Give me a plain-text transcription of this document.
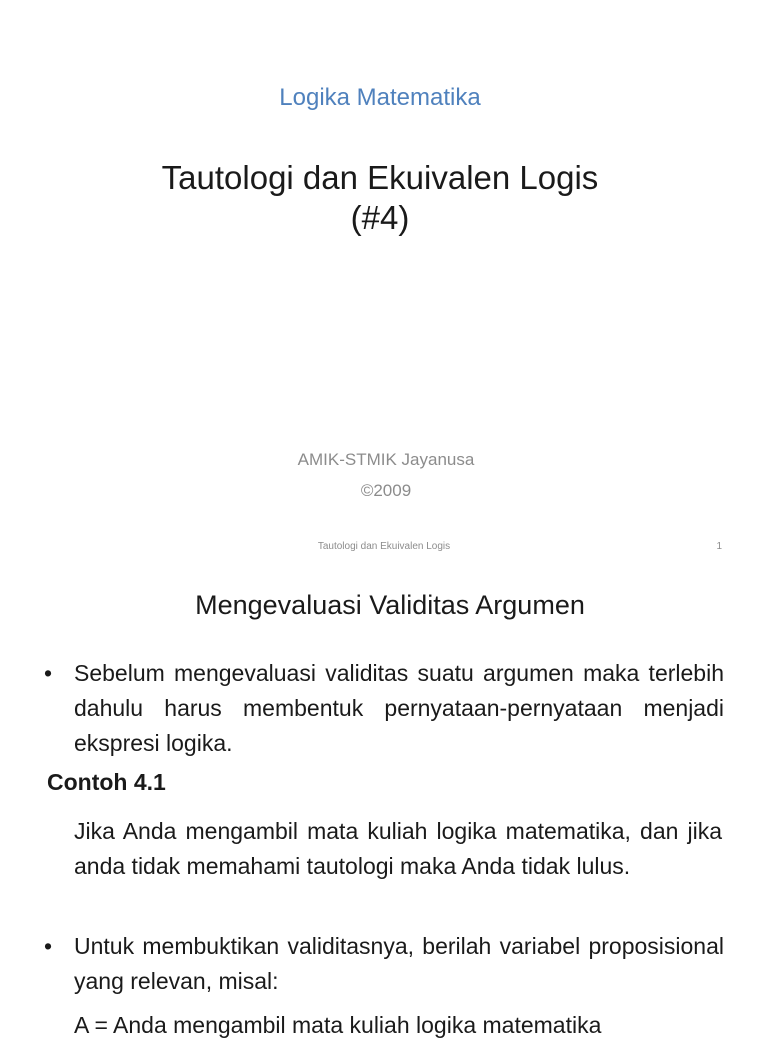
Logika Matematika
Tautologi dan Ekuivalen Logis
(#4)
AMIK-STMIK Jayanusa
©2009
Tautologi dan Ekuivalen Logis	1
Mengevaluasi Validitas Argumen
• Sebelum mengevaluasi validitas suatu argumen maka terlebih dahulu harus membentuk pernyataan-pernyataan menjadi ekspresi logika.
Contoh 4.1
Jika Anda mengambil mata kuliah logika matematika, dan jika anda tidak memahami tautologi maka Anda tidak lulus.
• Untuk membuktikan validitasnya, berilah variabel proposisional yang relevan, misal:
A = Anda mengambil mata kuliah logika matematika
